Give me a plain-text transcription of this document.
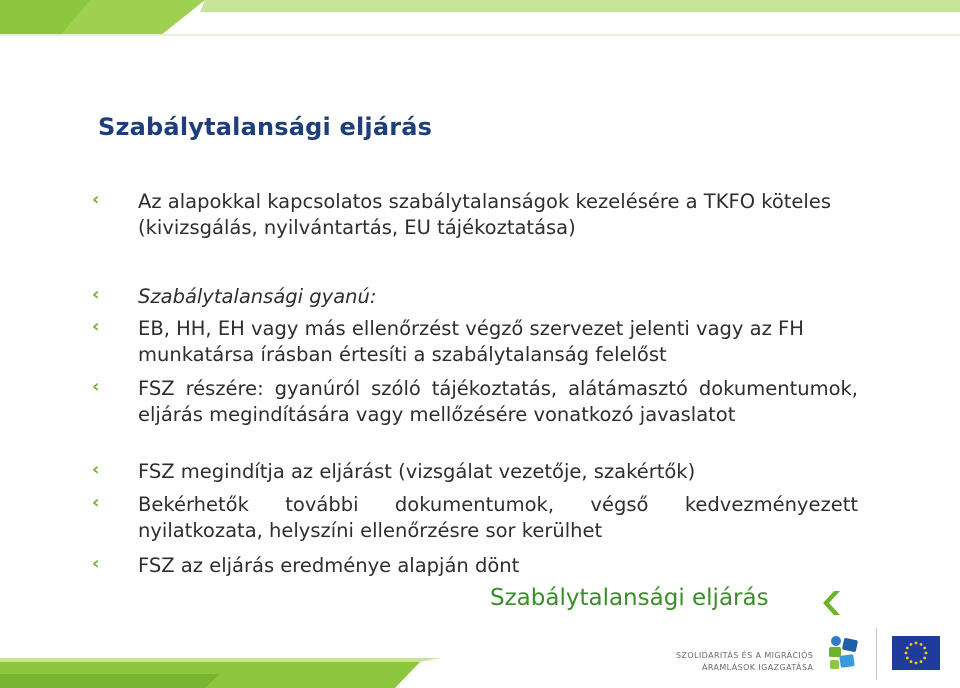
Szabálytalansági eljárás
‹ Az alapokkal kapcsolatos szabálytalanságok kezelésére a TKFO köteles (kivizsgálás, nyilvántartás, EU tájékoztatása)
‹ Szabálytalansági gyanú:
‹ EB, HH, EH vagy más ellenőrzést végző szervezet jelenti vagy az FH munkatársa írásban értesíti a szabálytalanság felelőst
‹ FSZ részére: gyanúról szóló tájékoztatás, alátámasztó dokumentumok, eljárás megindítására vagy mellőzésére vonatkozó javaslatot
‹ FSZ megindítja az eljárást (vizsgálat vezetője, szakértők)
‹ Bekérhetők további dokumentumok, végső kedvezményezett nyilatkozata, helyszíni ellenőrzésre sor kerülhet
‹ FSZ az eljárás eredménye alapján dönt
Szabálytalansági eljárás
SZOLIDARITÁS ÉS A MIGRÁCIÓS
ÁRAMLÁSOK IGAZGATÁSA
